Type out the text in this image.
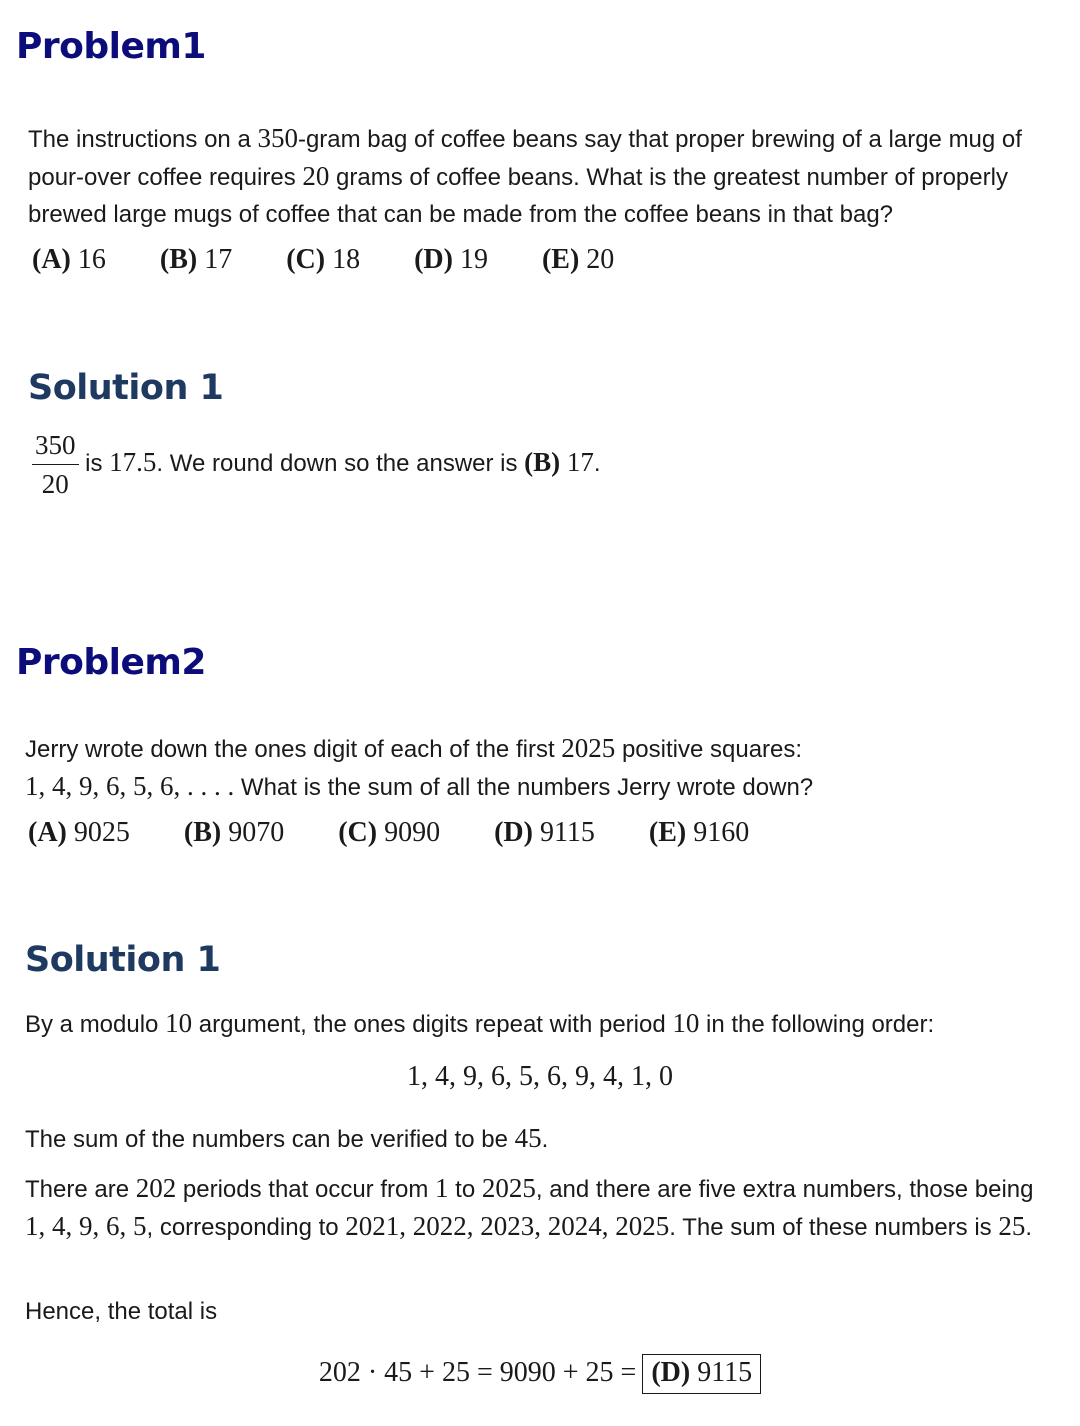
Problem1

The instructions on a 350-gram bag of coffee beans say that proper brewing of a large mug of pour-over coffee requires 20 grams of coffee beans. What is the greatest number of properly brewed large mugs of coffee that can be made from the coffee beans in that bag?

(A) 16 (B) 17 (C) 18 (D) 19 (E) 20
Solution 1
$\frac{350}{20}$ is 17.5. We round down so the answer is (B) 17.
Problem2

Jerry wrote down the ones digit of each of the first 2025 positive squares:
1, 4, 9, 6, 5, 6, . . . . What is the sum of all the numbers Jerry wrote down?

(A) 9025 (B) 9070 (C) 9090 (D) 9115 (E) 9160
Solution 1

By a modulo 10 argument, the ones digits repeat with period 10 in the following order:

1, 4, 9, 6, 5, 6, 9, 4, 1, 0

The sum of the numbers can be verified to be 45.

There are 202 periods that occur from 1 to 2025, and there are five extra numbers, those being 1, 4, 9, 6, 5, corresponding to 2021, 2022, 2023, 2024, 2025. The sum of these numbers is 25.

Hence, the total is

202 · 45 + 25 = 9090 + 25 = (D) 9115
